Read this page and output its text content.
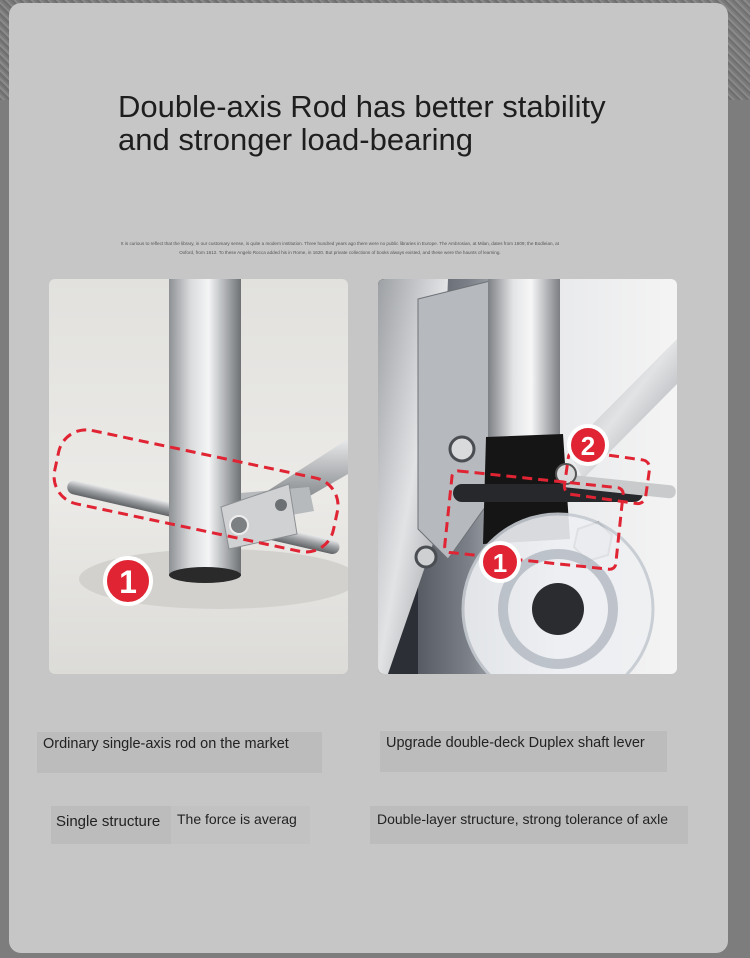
Double-axis Rod has better stability
and stronger load-bearing
It is curious to reflect that the library, in our customary sense, is quite a modern institution. Three hundred years ago there were no public libraries in Europe. The Ambrosian, at Milan, dates from 1609; the Bodleian, at Oxford, from 1612. To these Angelo Rocca added his in Rome, in 1620. But private collections of books always existed, and these were the haunts of learning.
1
2
1
Ordinary single-axis rod on the market	Upgrade double-deck Duplex shaft lever
Single structure The force is averag	Double-layer structure, strong tolerance of axle
